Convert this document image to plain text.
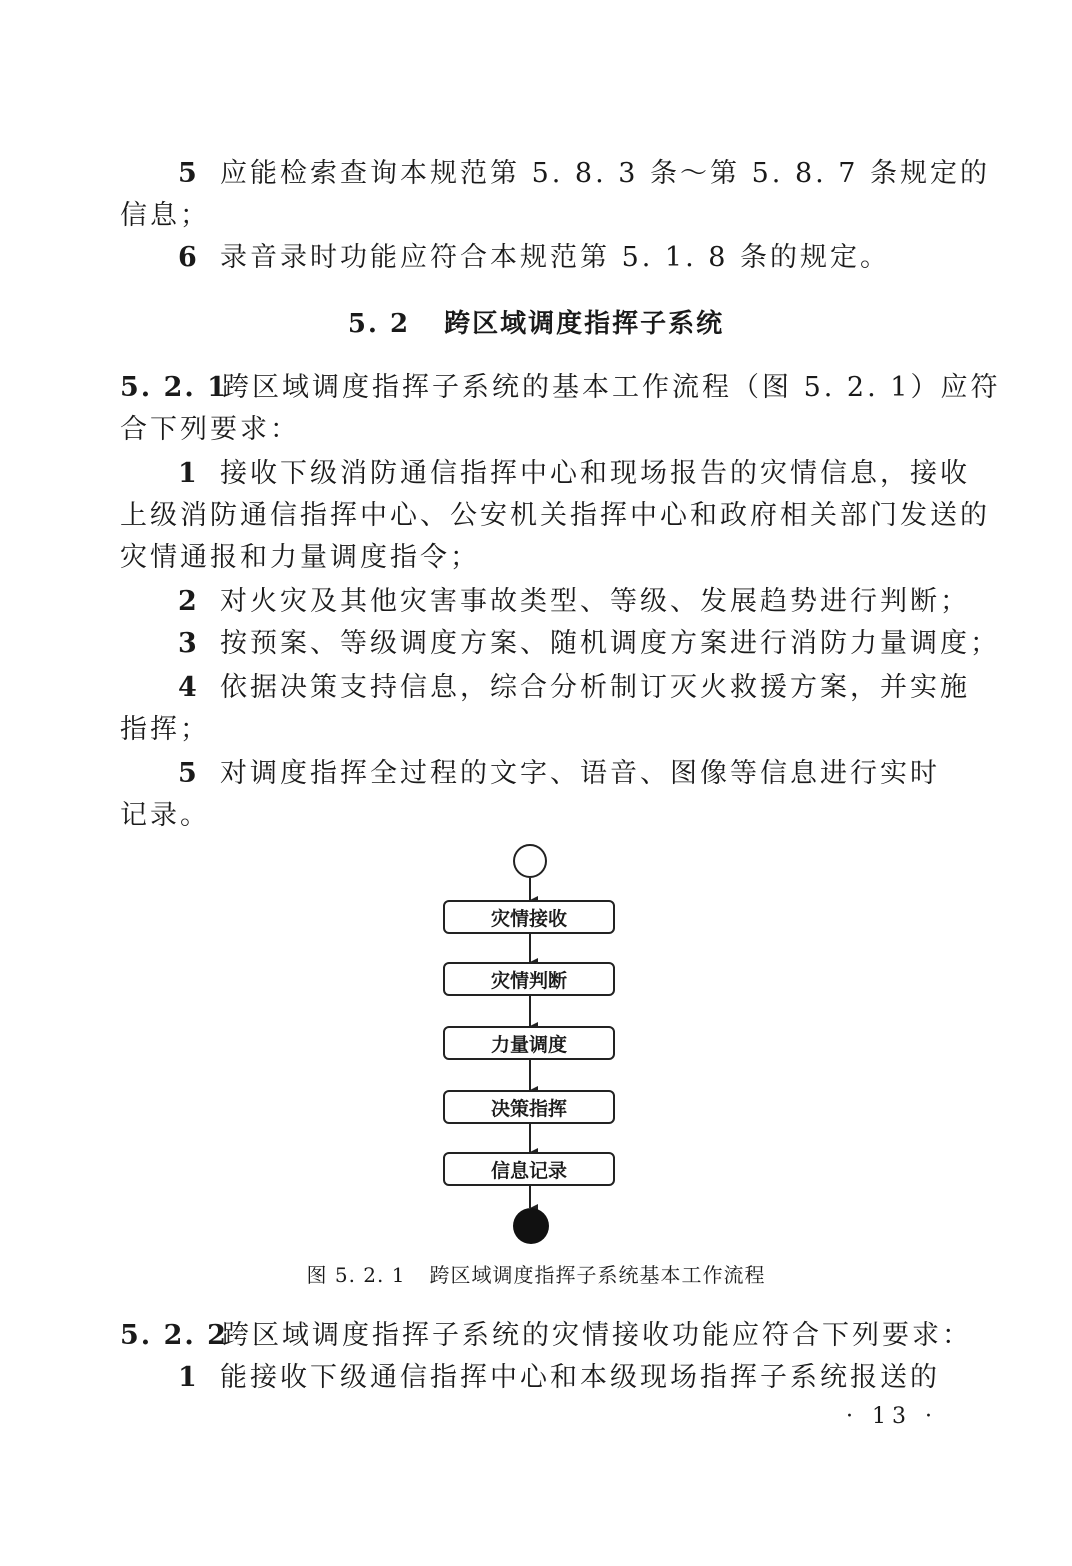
5 应能检索查询本规范第 5. 8. 3 条～第 5. 8. 7 条规定的

信息；

6 录音录时功能应符合本规范第 5. 1. 8 条的规定。

5. 2 跨区域调度指挥子系统

5. 2. 1跨区域调度指挥子系统的基本工作流程（图 5. 2. 1）应符

合下列要求：

1 接收下级消防通信指挥中心和现场报告的灾情信息，接收

上级消防通信指挥中心、公安机关指挥中心和政府相关部门发送的

灾情通报和力量调度指令；

2 对火灾及其他灾害事故类型、等级、发展趋势进行判断；

3 按预案、等级调度方案、随机调度方案进行消防力量调度；

4 依据决策支持信息，综合分析制订灭火救援方案，并实施

指挥；

5 对调度指挥全过程的文字、语音、图像等信息进行实时

记录。

灾情接收
灾情判断
力量调度
决策指挥
信息记录
图 5. 2. 1 跨区域调度指挥子系统基本工作流程

5. 2. 2跨区域调度指挥子系统的灾情接收功能应符合下列要求：

1 能接收下级通信指挥中心和本级现场指挥子系统报送的

· 13 ·
